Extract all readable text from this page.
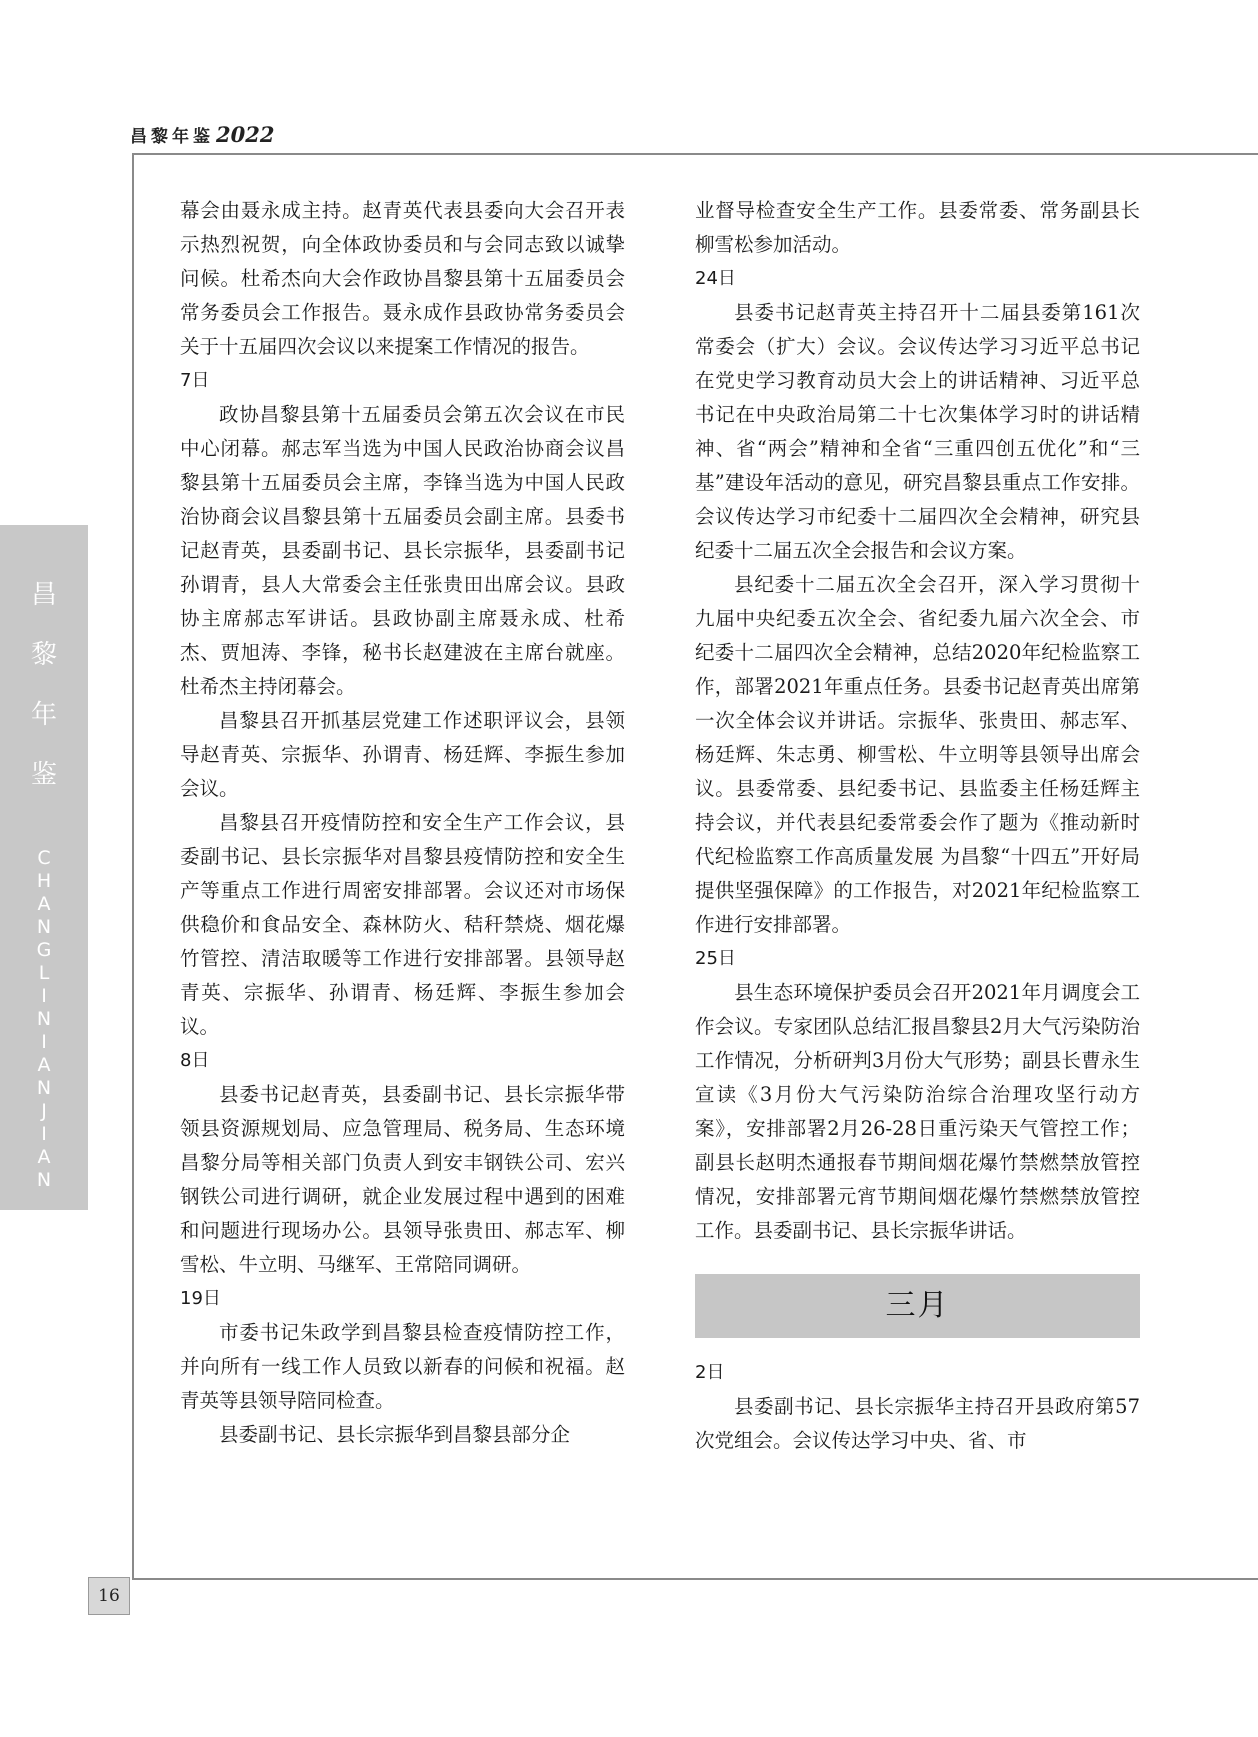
昌黎年鉴2022
昌
黎
年
鉴
C
H
A
N
G
L
I
N
I
A
N
J
I
A
N

幕会由聂永成主持。赵青英代表县委向大会召开表示热烈祝贺，向全体政协委员和与会同志致以诚挚问候。杜希杰向大会作政协昌黎县第十五届委员会常务委员会工作报告。聂永成作县政协常务委员会关于十五届四次会议以来提案工作情况的报告。

7日

政协昌黎县第十五届委员会第五次会议在市民中心闭幕。郝志军当选为中国人民政治协商会议昌黎县第十五届委员会主席，李锋当选为中国人民政治协商会议昌黎县第十五届委员会副主席。县委书记赵青英，县委副书记、县长宗振华，县委副书记孙谓青，县人大常委会主任张贵田出席会议。县政协主席郝志军讲话。县政协副主席聂永成、杜希杰、贾旭涛、李锋，秘书长赵建波在主席台就座。杜希杰主持闭幕会。

昌黎县召开抓基层党建工作述职评议会，县领导赵青英、宗振华、孙谓青、杨廷辉、李振生参加会议。

昌黎县召开疫情防控和安全生产工作会议，县委副书记、县长宗振华对昌黎县疫情防控和安全生产等重点工作进行周密安排部署。会议还对市场保供稳价和食品安全、森林防火、秸秆禁烧、烟花爆竹管控、清洁取暖等工作进行安排部署。县领导赵青英、宗振华、孙谓青、杨廷辉、李振生参加会议。

8日

县委书记赵青英，县委副书记、县长宗振华带领县资源规划局、应急管理局、税务局、生态环境昌黎分局等相关部门负责人到安丰钢铁公司、宏兴钢铁公司进行调研，就企业发展过程中遇到的困难和问题进行现场办公。县领导张贵田、郝志军、柳雪松、牛立明、马继军、王常陪同调研。

19日

市委书记朱政学到昌黎县检查疫情防控工作，并向所有一线工作人员致以新春的问候和祝福。赵青英等县领导陪同检查。

县委副书记、县长宗振华到昌黎县部分企

业督导检查安全生产工作。县委常委、常务副县长柳雪松参加活动。

24日

县委书记赵青英主持召开十二届县委第161次常委会（扩大）会议。会议传达学习习近平总书记在党史学习教育动员大会上的讲话精神、习近平总书记在中央政治局第二十七次集体学习时的讲话精神、省“两会”精神和全省“三重四创五优化”和“三基”建设年活动的意见，研究昌黎县重点工作安排。会议传达学习市纪委十二届四次全会精神，研究县纪委十二届五次全会报告和会议方案。

县纪委十二届五次全会召开，深入学习贯彻十九届中央纪委五次全会、省纪委九届六次全会、市纪委十二届四次全会精神，总结2020年纪检监察工作，部署2021年重点任务。县委书记赵青英出席第一次全体会议并讲话。宗振华、张贵田、郝志军、杨廷辉、朱志勇、柳雪松、牛立明等县领导出席会议。县委常委、县纪委书记、县监委主任杨廷辉主持会议，并代表县纪委常委会作了题为《推动新时代纪检监察工作高质量发展 为昌黎“十四五”开好局提供坚强保障》的工作报告，对2021年纪检监察工作进行安排部署。

25日

县生态环境保护委员会召开2021年月调度会工作会议。专家团队总结汇报昌黎县2月大气污染防治工作情况，分析研判3月份大气形势；副县长曹永生宣读《3月份大气污染防治综合治理攻坚行动方案》，安排部署2月26-28日重污染天气管控工作；副县长赵明杰通报春节期间烟花爆竹禁燃禁放管控情况，安排部署元宵节期间烟花爆竹禁燃禁放管控工作。县委副书记、县长宗振华讲话。

三月
2日

县委副书记、县长宗振华主持召开县政府第57次党组会。会议传达学习中央、省、市

16
